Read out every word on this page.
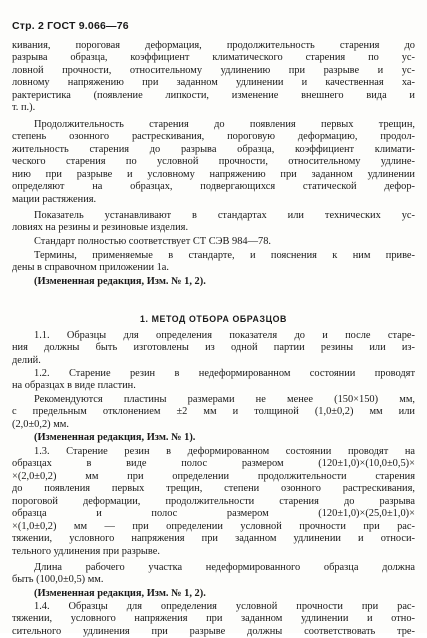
Стр. 2 ГОСТ 9.066—76
кивания, пороговая деформация, продолжительность старения до
разрыва образца, коэффициент климатического старения по ус-
ловной прочности, относительному удлинению при разрыве и ус-
ловному напряжению при заданном удлинении и качественная ха-
рактеристика (появление липкости, изменение внешнего вида и
т. п.).
Продолжительность старения до появления первых трещин,
степень озонного растрескивания, пороговую деформацию, продол-
жительность старения до разрыва образца, коэффициент климати-
ческого старения по условной прочности, относительному удлине-
нию при разрыве и условному напряжению при заданном удлинении
определяют на образцах, подвергающихся статической дефор-
мации растяжения.
Показатель устанавливают в стандартах или технических ус-
ловиях на резины и резиновые изделия.
Стандарт полностью соответствует СТ СЭВ 984—78.
Термины, применяемые в стандарте, и пояснения к ним приве-
дены в справочном приложении 1а.
(Измененная редакция, Изм. № 1, 2).
1. МЕТОД ОТБОРА ОБРАЗЦОВ
1.1. Образцы для определения показателя до и после старе-
ния должны быть изготовлены из одной партии резины или из-
делий.
1.2. Старение резин в недеформированном состоянии проводят
на образцах в виде пластин.
Рекомендуются пластины размерами не менее (150×150) мм,
с предельным отклонением ±2 мм и толщиной (1,0±0,2) мм или
(2,0±0,2) мм.
(Измененная редакция, Изм. № 1).
1.3. Старение резин в деформированном состоянии проводят на
образцах в виде полос размером (120±1,0)×(10,0±0,5)×
×(2,0±0,2) мм при определении продолжительности старения
до появления первых трещин, степени озонного растрескивания,
пороговой деформации, продолжительности старения до разрыва
образца и полос размером (120±1,0)×(25,0±1,0)×
×(1,0±0,2) мм — при определении условной прочности при рас-
тяжении, условного напряжения при заданном удлинении и относи-
тельного удлинения при разрыве.
Длина рабочего участка недеформированного образца должна
быть (100,0±0,5) мм.
(Измененная редакция, Изм. № 1, 2).
1.4. Образцы для определения условной прочности при рас-
тяжении, условного напряжения при заданном удлинении и отно-
сительного удлинения при разрыве должны соответствовать тре-
